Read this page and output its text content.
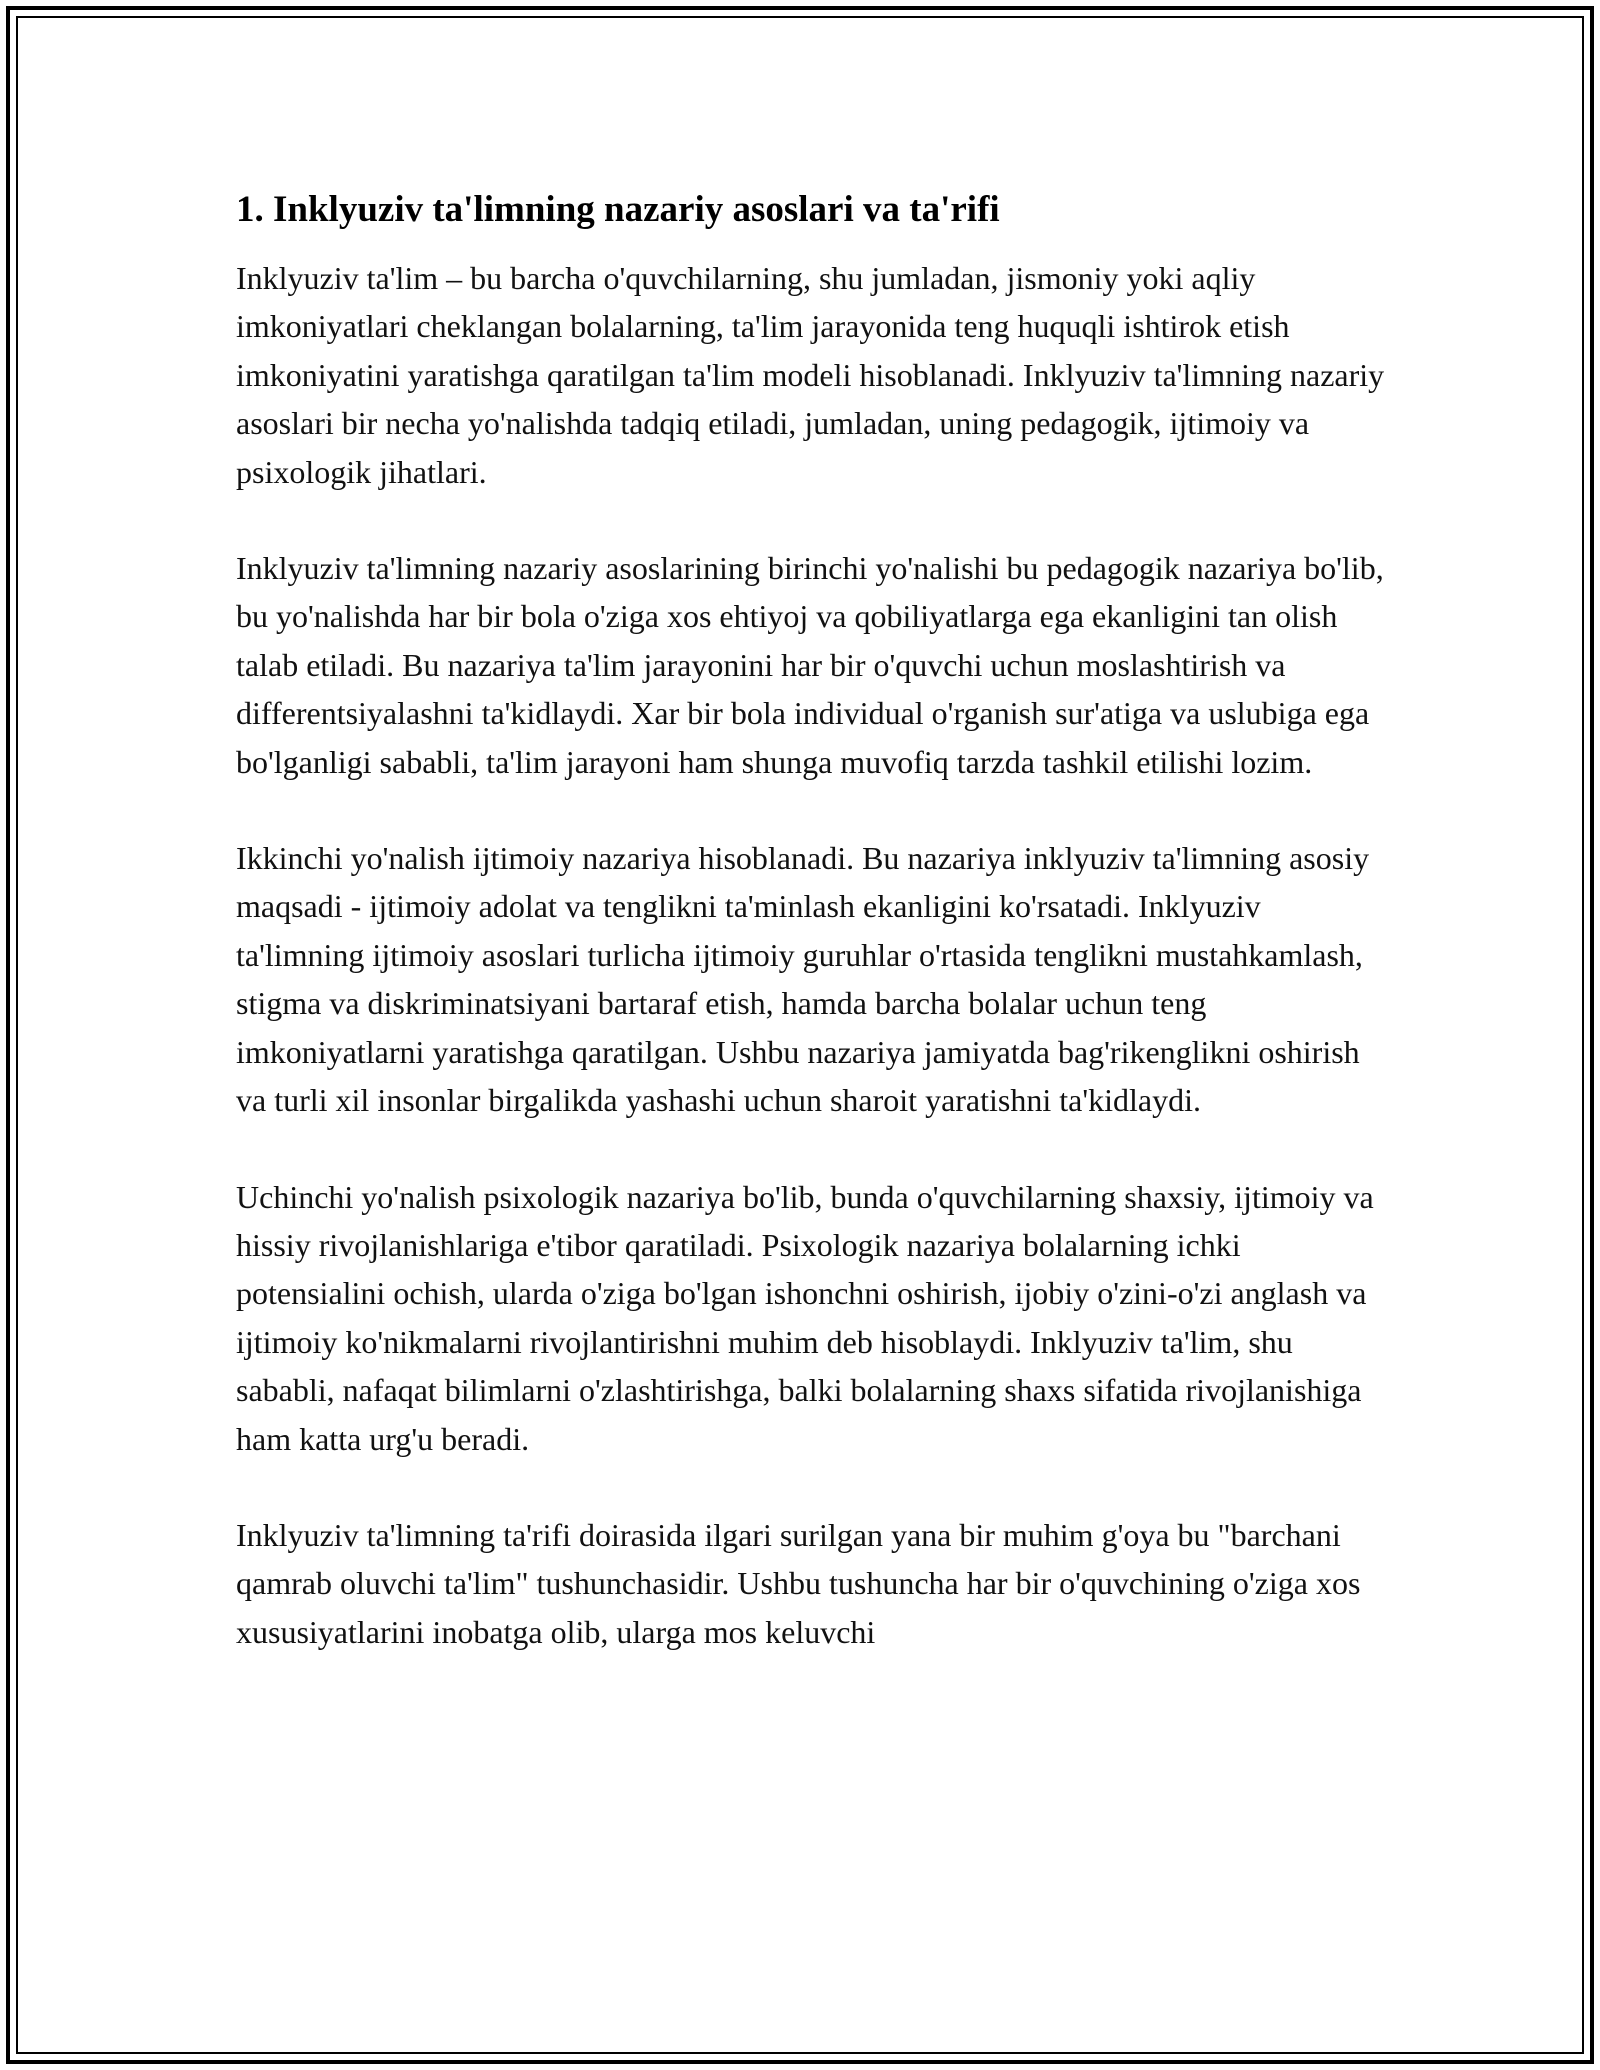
1. Inklyuziv ta'limning nazariy asoslari va ta'rifi

Inklyuziv ta'lim – bu barcha o'quvchilarning, shu jumladan, jismoniy yoki aqliy imkoniyatlari cheklangan bolalarning, ta'lim jarayonida teng huquqli ishtirok etish imkoniyatini yaratishga qaratilgan ta'lim modeli hisoblanadi. Inklyuziv ta'limning nazariy asoslari bir necha yo'nalishda tadqiq etiladi, jumladan, uning pedagogik, ijtimoiy va psixologik jihatlari.

Inklyuziv ta'limning nazariy asoslarining birinchi yo'nalishi bu pedagogik nazariya bo'lib, bu yo'nalishda har bir bola o'ziga xos ehtiyoj va qobiliyatlarga ega ekanligini tan olish talab etiladi. Bu nazariya ta'lim jarayonini har bir o'quvchi uchun moslashtirish va differentsiyalashni ta'kidlaydi. Xar bir bola individual o'rganish sur'atiga va uslubiga ega bo'lganligi sababli, ta'lim jarayoni ham shunga muvofiq tarzda tashkil etilishi lozim.

Ikkinchi yo'nalish ijtimoiy nazariya hisoblanadi. Bu nazariya inklyuziv ta'limning asosiy maqsadi - ijtimoiy adolat va tenglikni ta'minlash ekanligini ko'rsatadi. Inklyuziv ta'limning ijtimoiy asoslari turlicha ijtimoiy guruhlar o'rtasida tenglikni mustahkamlash, stigma va diskriminatsiyani bartaraf etish, hamda barcha bolalar uchun teng imkoniyatlarni yaratishga qaratilgan. Ushbu nazariya jamiyatda bag'rikenglikni oshirish va turli xil insonlar birgalikda yashashi uchun sharoit yaratishni ta'kidlaydi.

Uchinchi yo'nalish psixologik nazariya bo'lib, bunda o'quvchilarning shaxsiy, ijtimoiy va hissiy rivojlanishlariga e'tibor qaratiladi. Psixologik nazariya bolalarning ichki potensialini ochish, ularda o'ziga bo'lgan ishonchni oshirish, ijobiy o'zini-o'zi anglash va ijtimoiy ko'nikmalarni rivojlantirishni muhim deb hisoblaydi. Inklyuziv ta'lim, shu sababli, nafaqat bilimlarni o'zlashtirishga, balki bolalarning shaxs sifatida rivojlanishiga ham katta urg'u beradi.

Inklyuziv ta'limning ta'rifi doirasida ilgari surilgan yana bir muhim g'oya bu "barchani qamrab oluvchi ta'lim" tushunchasidir. Ushbu tushuncha har bir o'quvchining o'ziga xos xususiyatlarini inobatga olib, ularga mos keluvchi
